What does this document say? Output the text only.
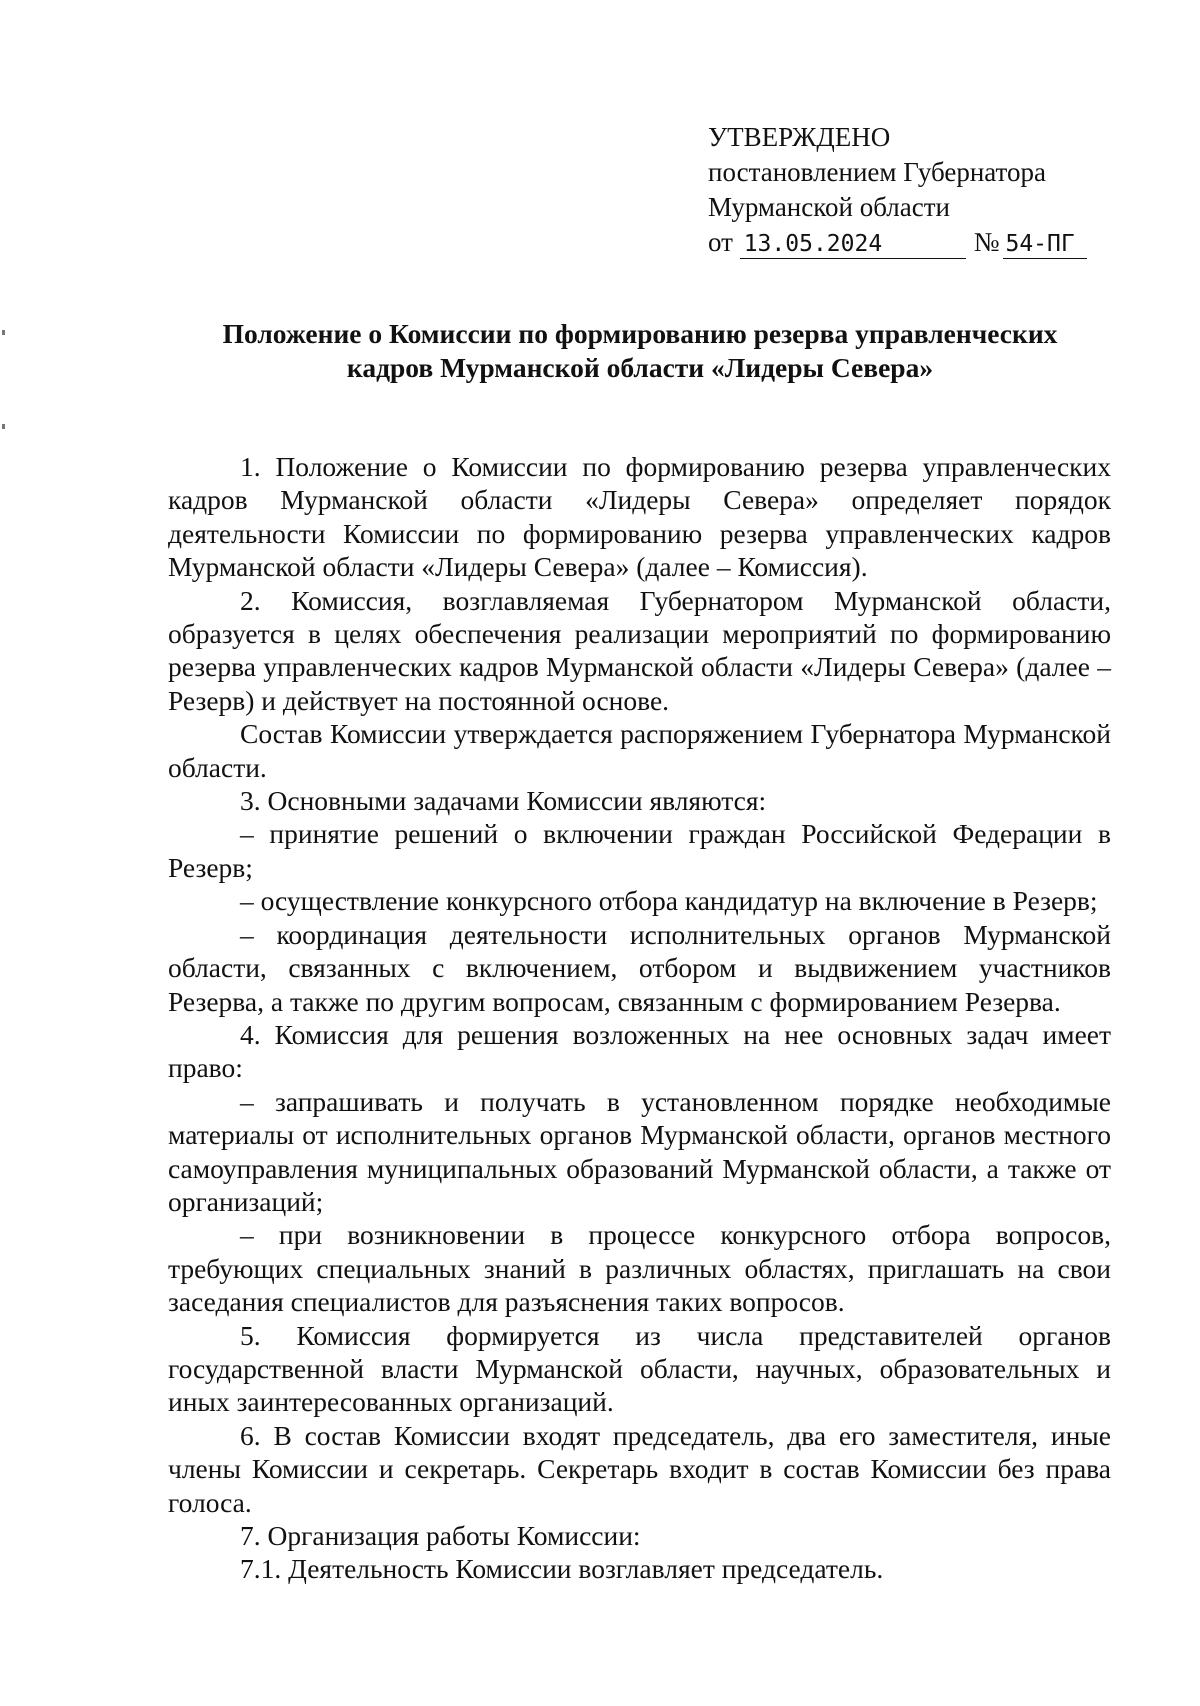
УТВЕРЖДЕНО
постановлением Губернатора
Мурманской области
от 13.05.2024	№ 54-ПГ
Положение о Комиссии по формированию резерва управленческих
кадров Мурманской области «Лидеры Севера»

1. Положение о Комиссии по формированию резерва управленческих кадров Мурманской области «Лидеры Севера» определяет порядок деятельности Комиссии по формированию резерва управленческих кадров Мурманской области «Лидеры Севера» (далее – Комиссия).

2. Комиссия, возглавляемая Губернатором Мурманской области, образуется в целях обеспечения реализации мероприятий по формированию резерва управленческих кадров Мурманской области «Лидеры Севера» (далее – Резерв) и действует на постоянной основе.

Состав Комиссии утверждается распоряжением Губернатора Мурманской области.

3. Основными задачами Комиссии являются:

– принятие решений о включении граждан Российской Федерации в Резерв;

– осуществление конкурсного отбора кандидатур на включение в Резерв;

– координация деятельности исполнительных органов Мурманской области, связанных с включением, отбором и выдвижением участников Резерва, а также по другим вопросам, связанным с формированием Резерва.

4. Комиссия для решения возложенных на нее основных задач имеет право:

– запрашивать и получать в установленном порядке необходимые материалы от исполнительных органов Мурманской области, органов местного самоуправления муниципальных образований Мурманской области, а также от организаций;

– при возникновении в процессе конкурсного отбора вопросов, требующих специальных знаний в различных областях, приглашать на свои заседания специалистов для разъяснения таких вопросов.

5. Комиссия формируется из числа представителей органов государственной власти Мурманской области, научных, образовательных и иных заинтересованных организаций.

6. В состав Комиссии входят председатель, два его заместителя, иные члены Комиссии и секретарь. Секретарь входит в состав Комиссии без права голоса.

7. Организация работы Комиссии:

7.1. Деятельность Комиссии возглавляет председатель.
